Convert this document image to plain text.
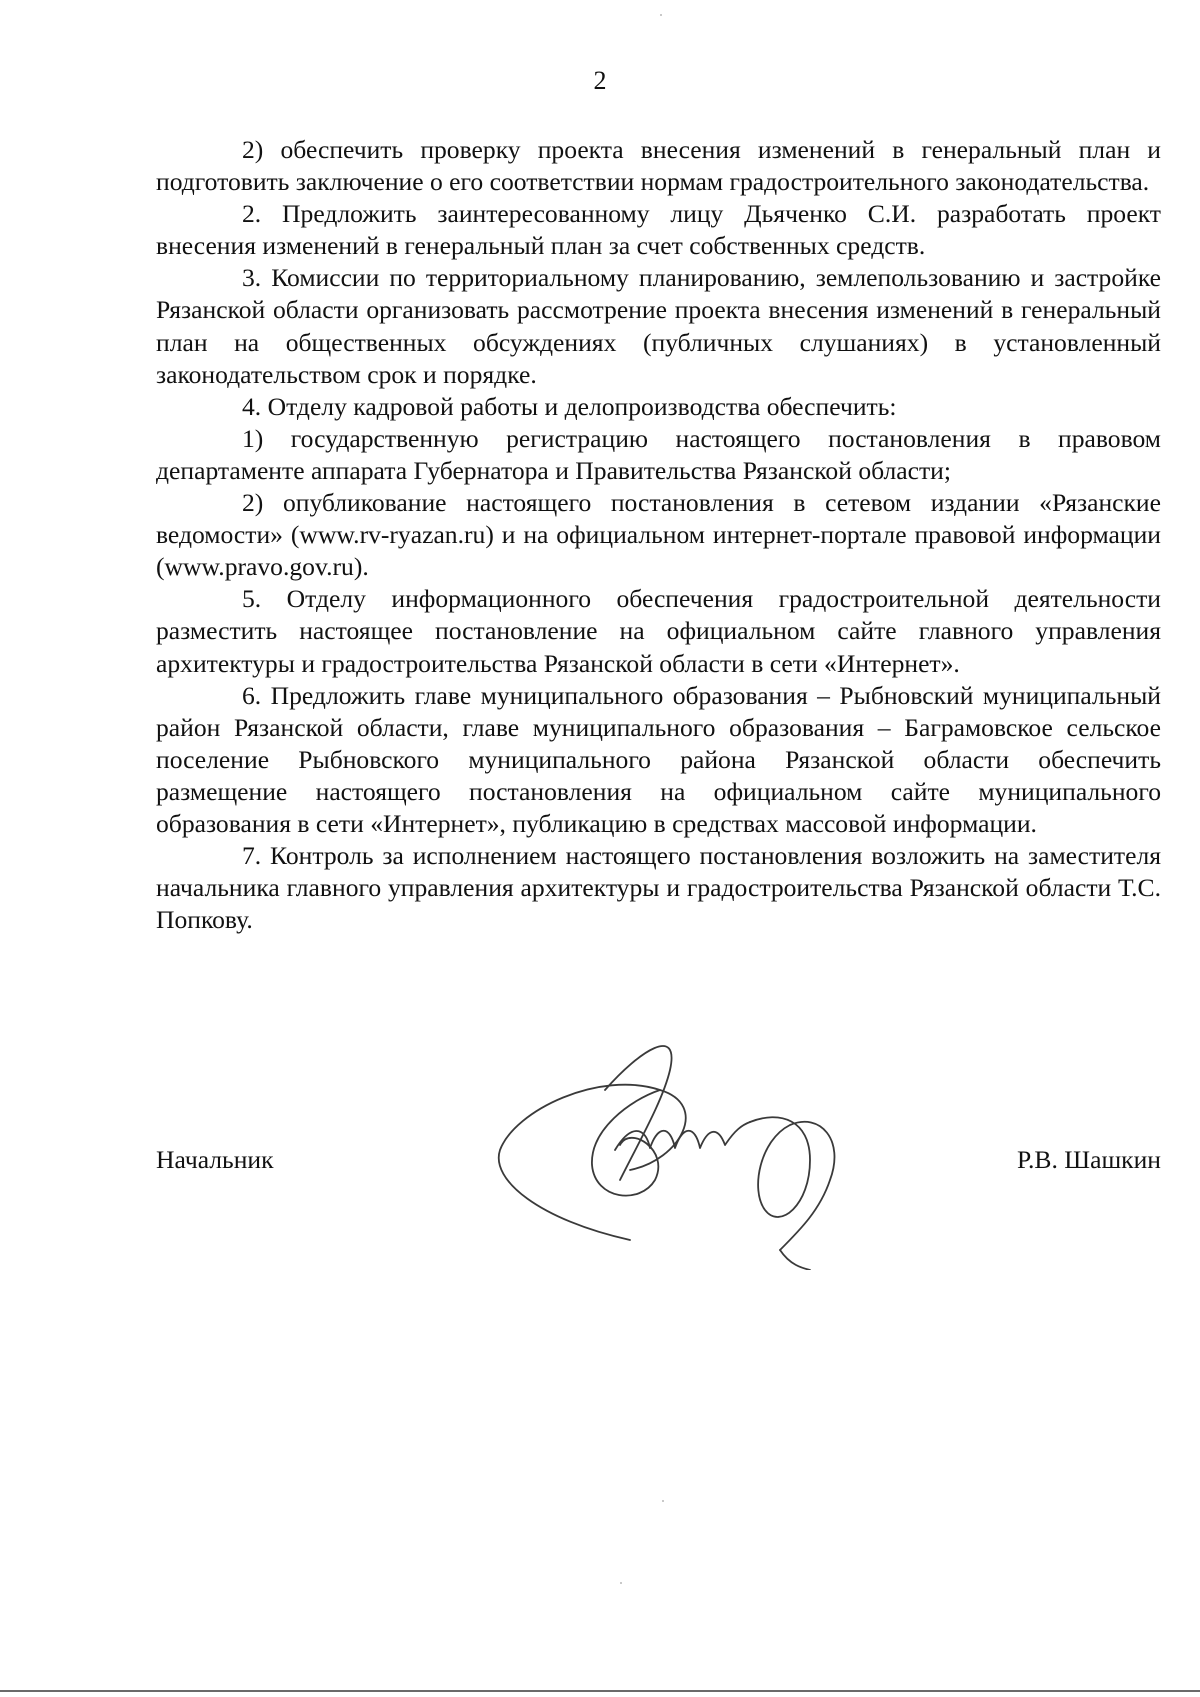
2

2) обеспечить проверку проекта внесения изменений в генеральный план и подготовить заключение о его соответствии нормам градостроительного законодательства.

2. Предложить заинтересованному лицу Дьяченко С.И. разработать проект внесения изменений в генеральный план за счет собственных средств.

3. Комиссии по территориальному планированию, землепользованию и застройке Рязанской области организовать рассмотрение проекта внесения изменений в генеральный план на общественных обсуждениях (публичных слушаниях) в установленный законодательством срок и порядке.

4. Отделу кадровой работы и делопроизводства обеспечить:

1) государственную регистрацию настоящего постановления в правовом департаменте аппарата Губернатора и Правительства Рязанской области;

2) опубликование настоящего постановления в сетевом издании «Рязанские ведомости» (www.rv-ryazan.ru) и на официальном интернет-портале правовой информации (www.pravo.gov.ru).

5. Отделу информационного обеспечения градостроительной деятельности разместить настоящее постановление на официальном сайте главного управления архитектуры и градостроительства Рязанской области в сети «Интернет».

6. Предложить главе муниципального образования – Рыбновский муниципальный район Рязанской области, главе муниципального образования – Баграмовское сельское поселение Рыбновского муниципального района Рязанской области обеспечить размещение настоящего постановления на официальном сайте муниципального образования в сети «Интернет», публикацию в средствах массовой информации.

7. Контроль за исполнением настоящего постановления возложить на заместителя начальника главного управления архитектуры и градостроительства Рязанской области Т.С. Попкову.

Начальник	Р.В. Шашкин
